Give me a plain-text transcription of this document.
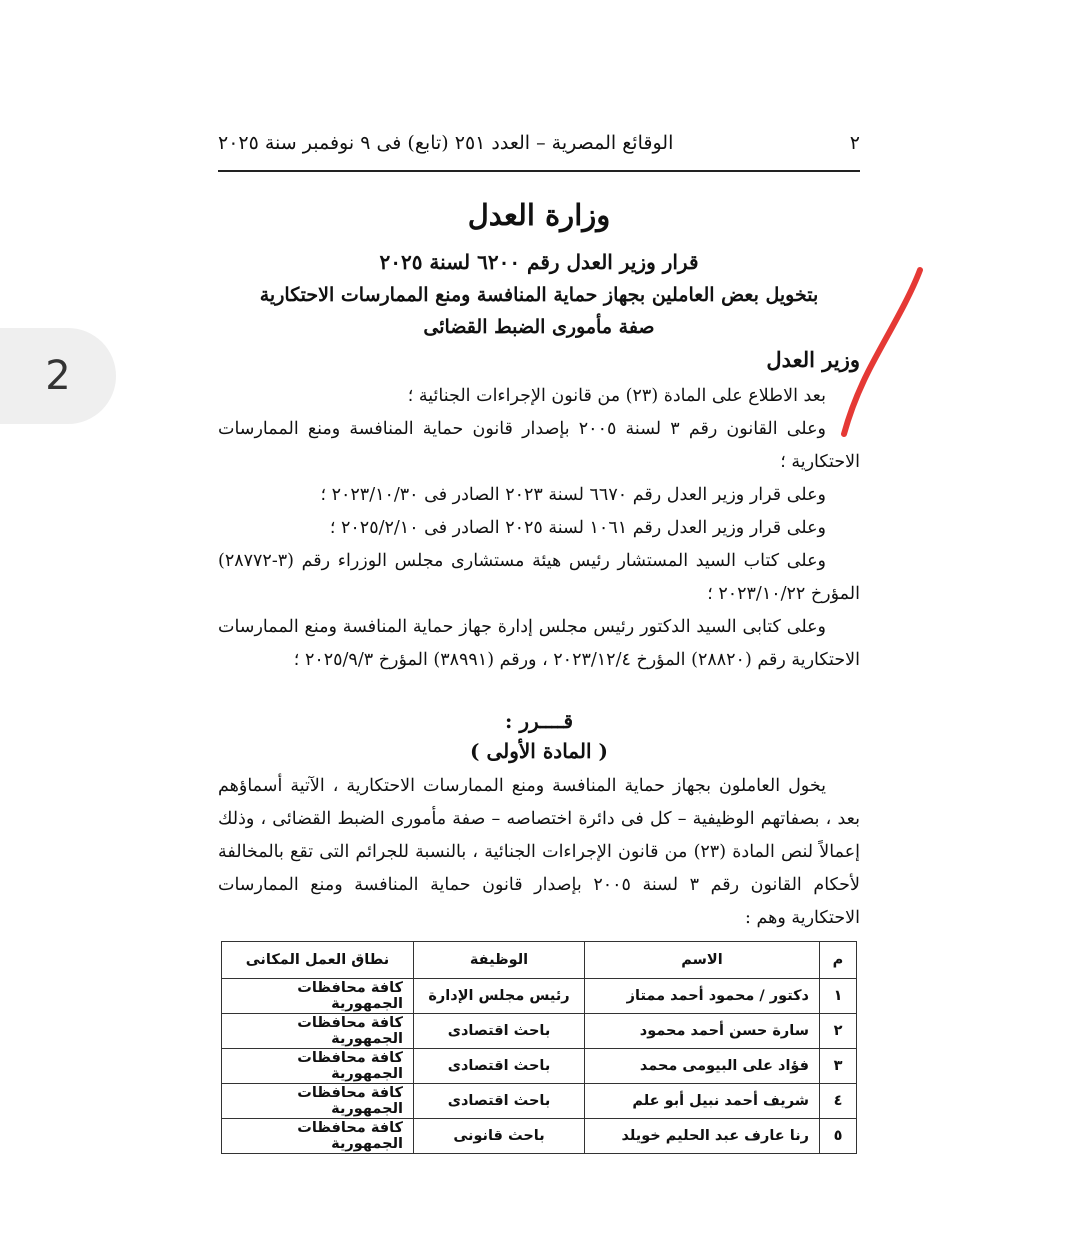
2
٢
الوقائع المصرية – العدد ٢٥١ (تابع) فى ٩ نوفمبر سنة ٢٠٢٥
وزارة العدل
قرار وزير العدل رقم ٦٢٠٠ لسنة ٢٠٢٥
بتخويل بعض العاملين بجهاز حماية المنافسة ومنع الممارسات الاحتكارية
صفة مأمورى الضبط القضائى
وزير العدل

بعد الاطلاع على المادة (٢٣) من قانون الإجراءات الجنائية ؛

وعلى القانون رقم ٣ لسنة ٢٠٠٥ بإصدار قانون حماية المنافسة ومنع الممارسات الاحتكارية ؛

وعلى قرار وزير العدل رقم ٦٦٧٠ لسنة ٢٠٢٣ الصادر فى ٢٠٢٣/١٠/٣٠ ؛

وعلى قرار وزير العدل رقم ١٠٦١ لسنة ٢٠٢٥ الصادر فى ٢٠٢٥/٢/١٠ ؛

وعلى كتاب السيد المستشار رئيس هيئة مستشارى مجلس الوزراء رقم (٣-٢٨٧٧٢) المؤرخ ٢٠٢٣/١٠/٢٢ ؛

وعلى كتابى السيد الدكتور رئيس مجلس إدارة جهاز حماية المنافسة ومنع الممارسات الاحتكارية رقم (٢٨٨٢٠) المؤرخ ٢٠٢٣/١٢/٤ ، ورقم (٣٨٩٩١) المؤرخ ٢٠٢٥/٩/٣ ؛

قــــرر :
( المادة الأولى )

يخول العاملون بجهاز حماية المنافسة ومنع الممارسات الاحتكارية ، الآتية أسماؤهم بعد ، بصفاتهم الوظيفية – كل فى دائرة اختصاصه – صفة مأمورى الضبط القضائى ، وذلك إعمالاً لنص المادة (٢٣) من قانون الإجراءات الجنائية ، بالنسبة للجرائم التى تقع بالمخالفة لأحكام القانون رقم ٣ لسنة ٢٠٠٥ بإصدار قانون حماية المنافسة ومنع الممارسات الاحتكارية وهم :

م	الاسم	الوظيفة	نطاق العمل المكانى
١	دكتور / محمود أحمد ممتاز	رئيس مجلس الإدارة	كافة محافظات الجمهورية
٢	سارة حسن أحمد محمود	باحث اقتصادى	كافة محافظات الجمهورية
٣	فؤاد على البيومى محمد	باحث اقتصادى	كافة محافظات الجمهورية
٤	شريف أحمد نبيل أبو علم	باحث اقتصادى	كافة محافظات الجمهورية
٥	رنا عارف عبد الحليم خويلد	باحث قانونى	كافة محافظات الجمهورية
